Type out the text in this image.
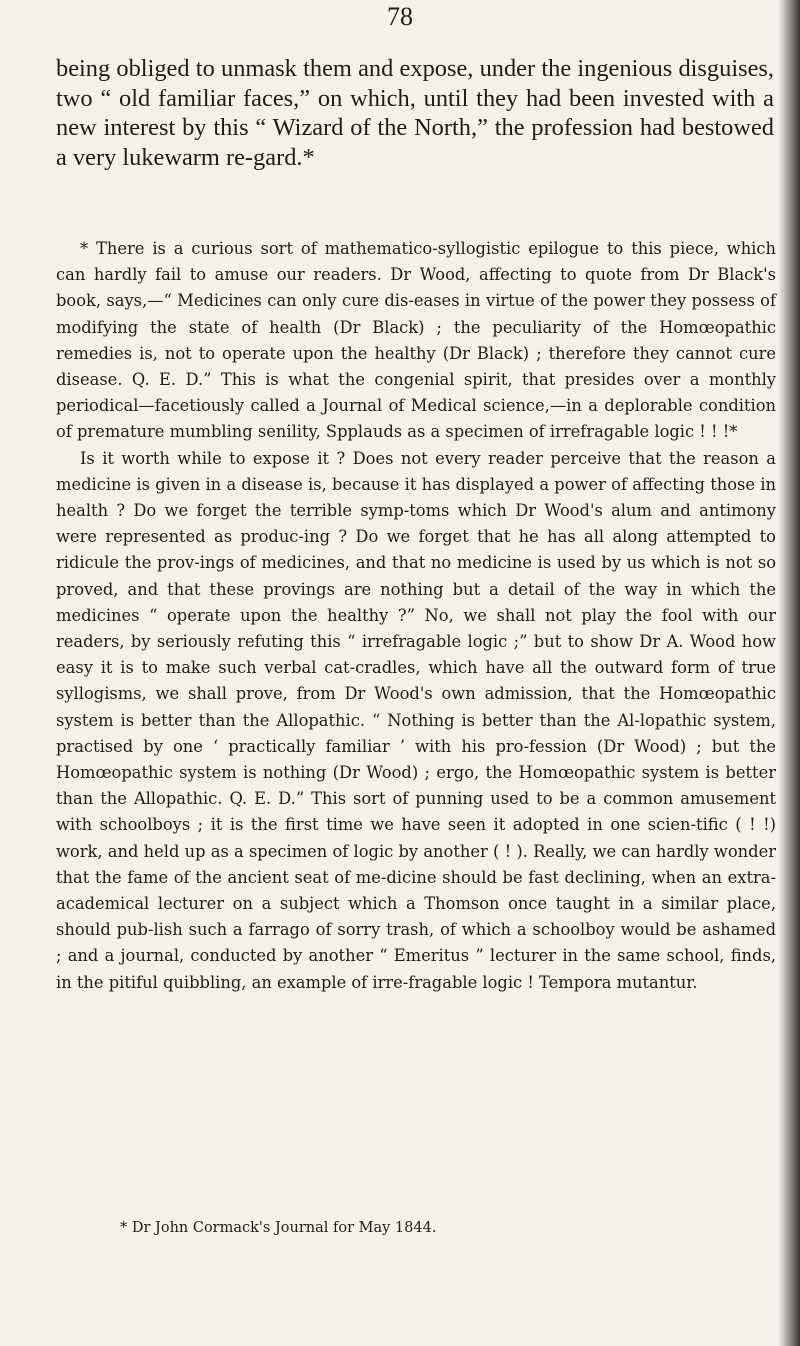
78

being obliged to unmask them and expose, under the ingenious disguises, two “ old familiar faces,” on which, until they had been invested with a new interest by this “ Wizard of the North,” the profession had bestowed a very lukewarm re-gard.*

* There is a curious sort of mathematico-syllogistic epilogue to this piece, which can hardly fail to amuse our readers. Dr Wood, affecting to quote from Dr Black's book, says,—“ Medicines can only cure dis-eases in virtue of the power they possess of modifying the state of health (Dr Black) ; the peculiarity of the Homœopathic remedies is, not to operate upon the healthy (Dr Black) ; therefore they cannot cure disease. Q. E. D.” This is what the congenial spirit, that presides over a monthly periodical—facetiously called a Journal of Medical science,—in a deplorable condition of premature mumbling senility, Spplauds as a specimen of irrefragable logic ! ! !*

Is it worth while to expose it ? Does not every reader perceive that the reason a medicine is given in a disease is, because it has displayed a power of affecting those in health ? Do we forget the terrible symp-toms which Dr Wood's alum and antimony were represented as produc-ing ? Do we forget that he has all along attempted to ridicule the prov-ings of medicines, and that no medicine is used by us which is not so proved, and that these provings are nothing but a detail of the way in which the medicines “ operate upon the healthy ?” No, we shall not play the fool with our readers, by seriously refuting this “ irrefragable logic ;” but to show Dr A. Wood how easy it is to make such verbal cat-cradles, which have all the outward form of true syllogisms, we shall prove, from Dr Wood's own admission, that the Homœopathic system is better than the Allopathic. “ Nothing is better than the Al-lopathic system, practised by one ‘ practically familiar ’ with his pro-fession (Dr Wood) ; but the Homœopathic system is nothing (Dr Wood) ; ergo, the Homœopathic system is better than the Allopathic. Q. E. D.” This sort of punning used to be a common amusement with schoolboys ; it is the first time we have seen it adopted in one scien-tific ( ! !) work, and held up as a specimen of logic by another ( ! ). Really, we can hardly wonder that the fame of the ancient seat of me-dicine should be fast declining, when an extra-academical lecturer on a subject which a Thomson once taught in a similar place, should pub-lish such a farrago of sorry trash, of which a schoolboy would be ashamed ; and a journal, conducted by another “ Emeritus ” lecturer in the same school, finds, in the pitiful quibbling, an example of irre-fragable logic ! Tempora mutantur.

* Dr John Cormack's Journal for May 1844.
